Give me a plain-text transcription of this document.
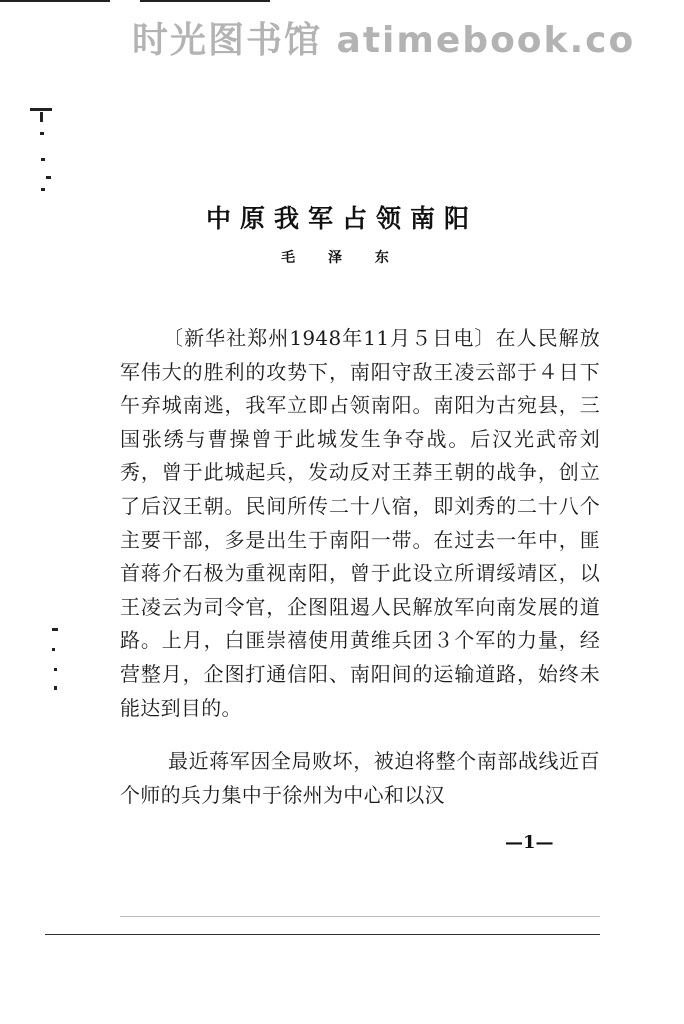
时光图书馆 atimebook.co
中原我军占领南阳
毛 泽 东

〔新华社郑州1948年11月５日电〕在人民解放军伟大的胜利的攻势下，南阳守敌王凌云部于４日下午弃城南逃，我军立即占领南阳。南阳为古宛县，三国张绣与曹操曾于此城发生争夺战。后汉光武帝刘秀，曾于此城起兵，发动反对王莽王朝的战争，创立了后汉王朝。民间所传二十八宿，即刘秀的二十八个主要干部，多是出生于南阳一带。在过去一年中，匪首蒋介石极为重视南阳，曾于此设立所谓绥靖区，以王凌云为司令官，企图阻遏人民解放军向南发展的道路。上月，白匪崇禧使用黄维兵团３个军的力量，经营整月，企图打通信阳、南阳间的运输道路，始终未能达到目的。

最近蒋军因全局败坏，被迫将整个南部战线近百个师的兵力集中于徐州为中心和以汉

—1—
